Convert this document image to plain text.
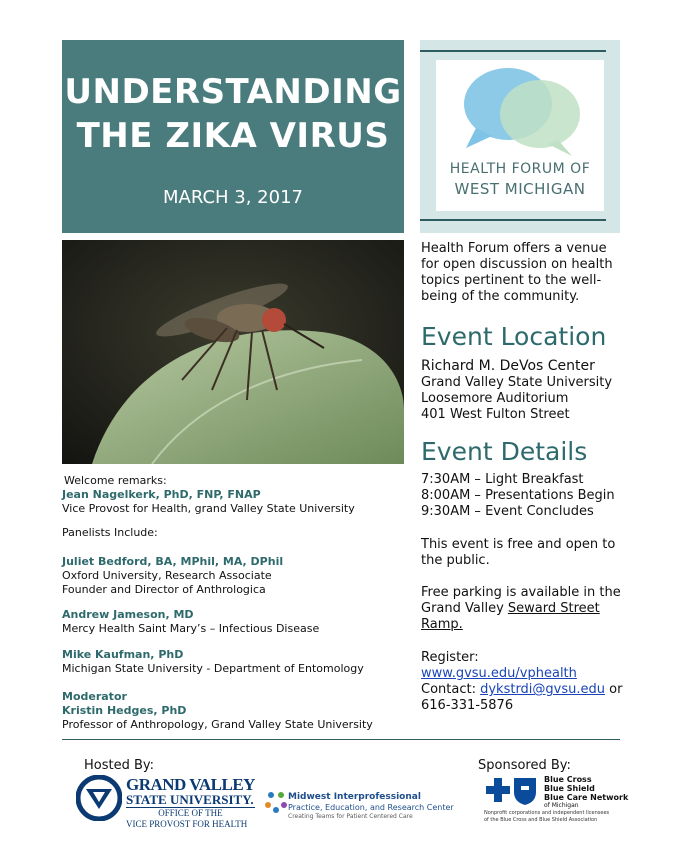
UNDERSTANDING
THE ZIKA VIRUS
MARCH 3, 2017
HEALTH FORUM OF
WEST MICHIGAN
Health Forum offers a venue
for open discussion on health
topics pertinent to the well-
being of the community.
Event Location
Richard M. DeVos Center
Grand Valley State University
Loosemore Auditorium
401 West Fulton Street
Event Details
7:30AM – Light Breakfast
8:00AM – Presentations Begin
9:30AM – Event Concludes
This event is free and open to
the public.
Free parking is available in the
Grand Valley Seward Street
Ramp.
Register:
www.gvsu.edu/vphealth
Contact: dykstrdi@gvsu.edu or
616-331-5876
Welcome remarks:
Jean Nagelkerk, PhD, FNP, FNAP
Vice Provost for Health, grand Valley State University
Panelists Include:
Juliet Bedford, BA, MPhil, MA, DPhil
Oxford University, Research Associate
Founder and Director of Anthrologica
Andrew Jameson, MD
Mercy Health Saint Mary’s – Infectious Disease
Mike Kaufman, PhD
Michigan State University - Department of Entomology
Moderator
Kristin Hedges, PhD
Professor of Anthropology, Grand Valley State University
Hosted By:	Sponsored By:
GRAND VALLEY
STATE UNIVERSITY.
OFFICE OF THE
VICE PROVOST FOR HEALTH
Midwest Interprofessional
Practice, Education, and Research Center
Creating Teams for Patient Centered Care
Blue Cross
Blue Shield
Blue Care Network
of Michigan
Nonprofit corporations and independent licensees
of the Blue Cross and Blue Shield Association
